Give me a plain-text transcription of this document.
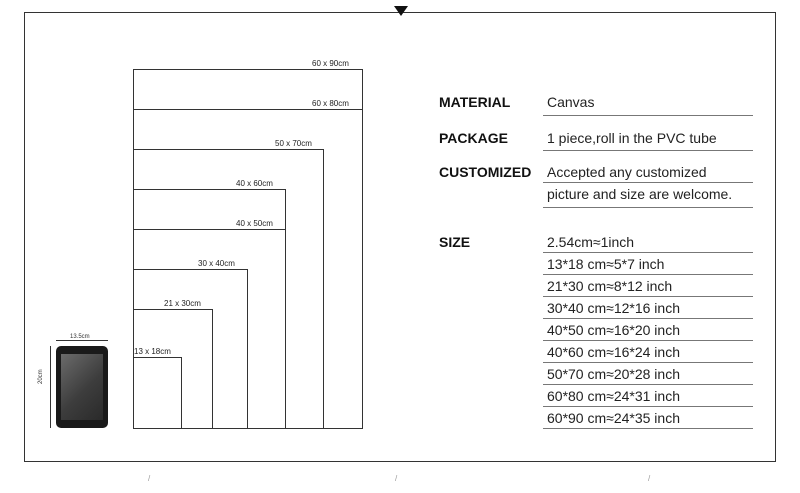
/	/	/
60 x 90cm
60 x 80cm
50 x 70cm
40 x 60cm
40 x 50cm
30 x 40cm
21 x 30cm
13 x 18cm
13.5cm
20cm
MATERIAL	Canvas
PACKAGE	1 piece,roll in the PVC tube
CUSTOMIZED Accepted any customized
picture and size are welcome.
SIZE	2.54cm≈1inch
13*18 cm≈5*7 inch
21*30 cm≈8*12 inch
30*40 cm≈12*16 inch
40*50 cm≈16*20 inch
40*60 cm≈16*24 inch
50*70 cm≈20*28 inch
60*80 cm≈24*31 inch
60*90 cm≈24*35 inch
